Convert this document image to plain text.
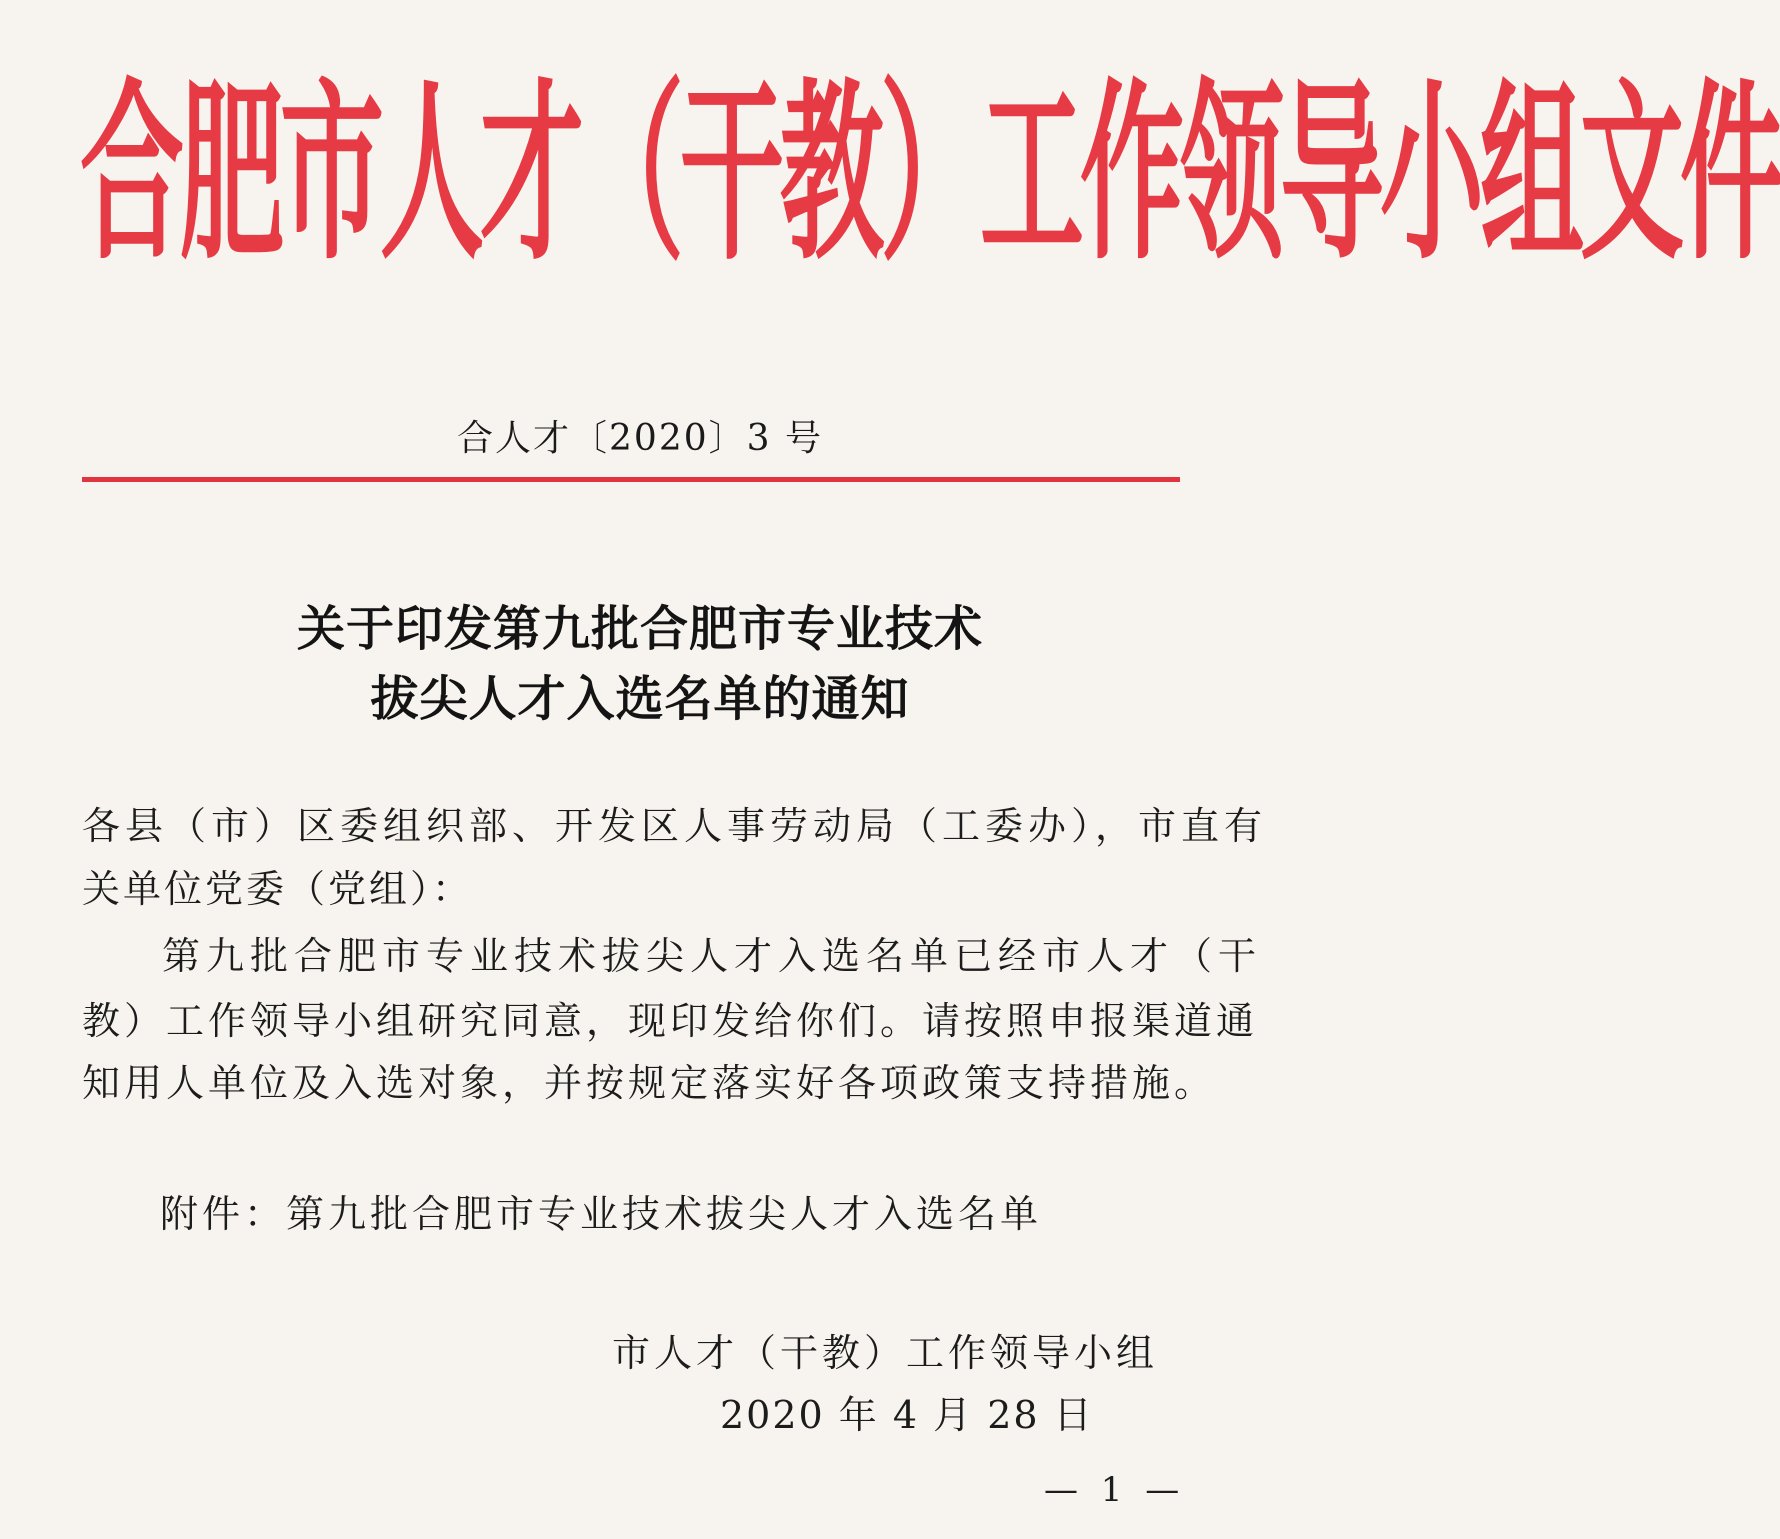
合肥市人才（干教）工作领导小组文件
合人才〔2020〕3 号
关于印发第九批合肥市专业技术
拔尖人才入选名单的通知
各县（市）区委组织部、开发区人事劳动局（工委办），市直有
关单位党委（党组）：
第九批合肥市专业技术拔尖人才入选名单已经市人才（干
教）工作领导小组研究同意，现印发给你们。请按照申报渠道通
知用人单位及入选对象，并按规定落实好各项政策支持措施。
附件：第九批合肥市专业技术拔尖人才入选名单
市人才（干教）工作领导小组
2020 年 4 月 28 日
— 1 —
